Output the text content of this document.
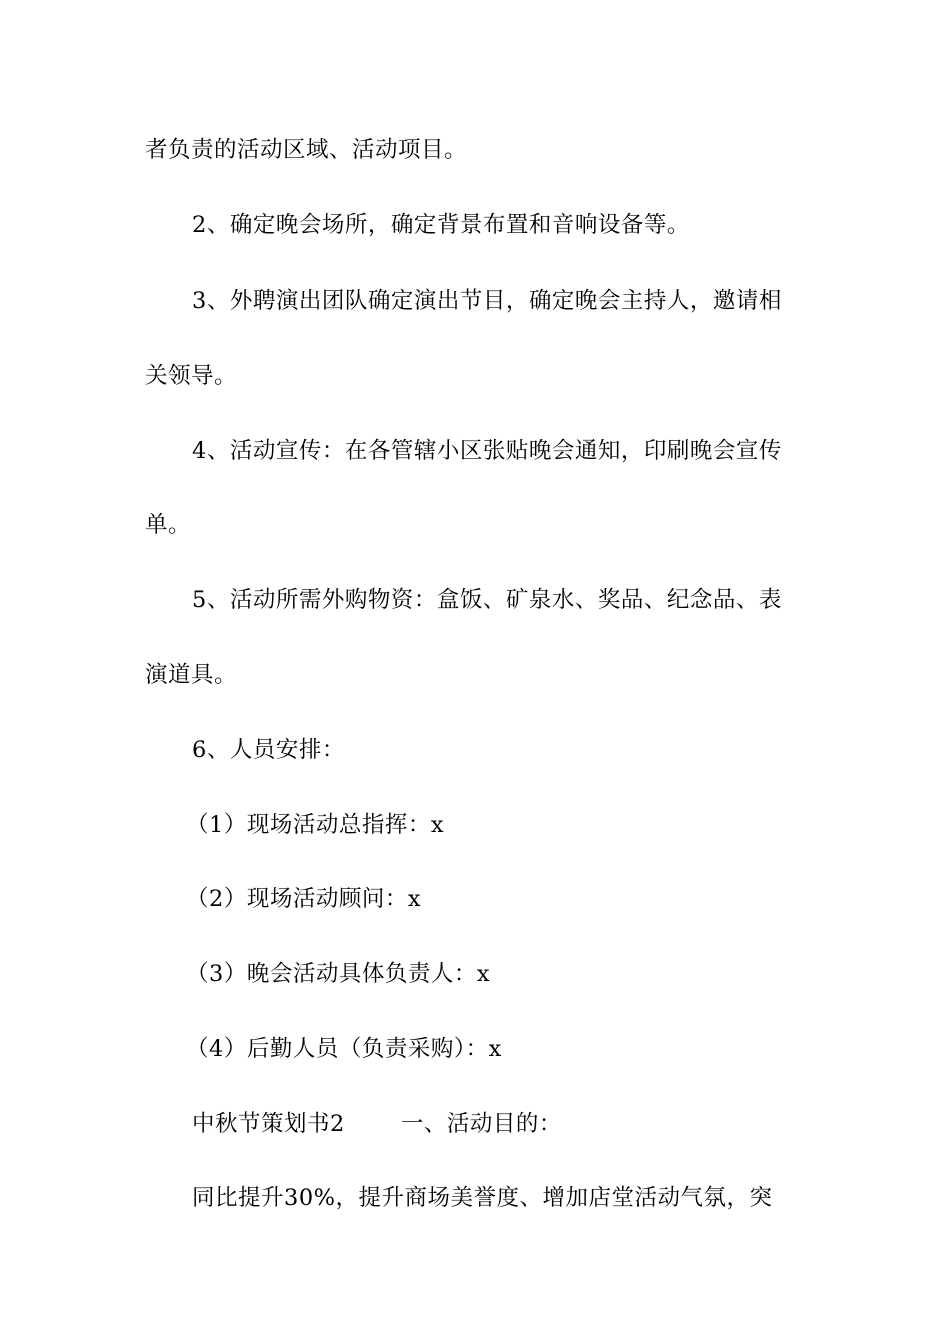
者负责的活动区域、活动项目。
2、确定晚会场所，确定背景布置和音响设备等。
3、外聘演出团队确定演出节目，确定晚会主持人，邀请相
关领导。
4、活动宣传：在各管辖小区张贴晚会通知，印刷晚会宣传
单。
5、活动所需外购物资：盒饭、矿泉水、奖品、纪念品、表
演道具。
6、人员安排：
（1）现场活动总指挥：x
（2）现场活动顾问：x
（3）晚会活动具体负责人：x
（4）后勤人员（负责采购）：x
中秋节策划书2 一、活动目的：
同比提升30%，提升商场美誉度、增加店堂活动气氛，突
